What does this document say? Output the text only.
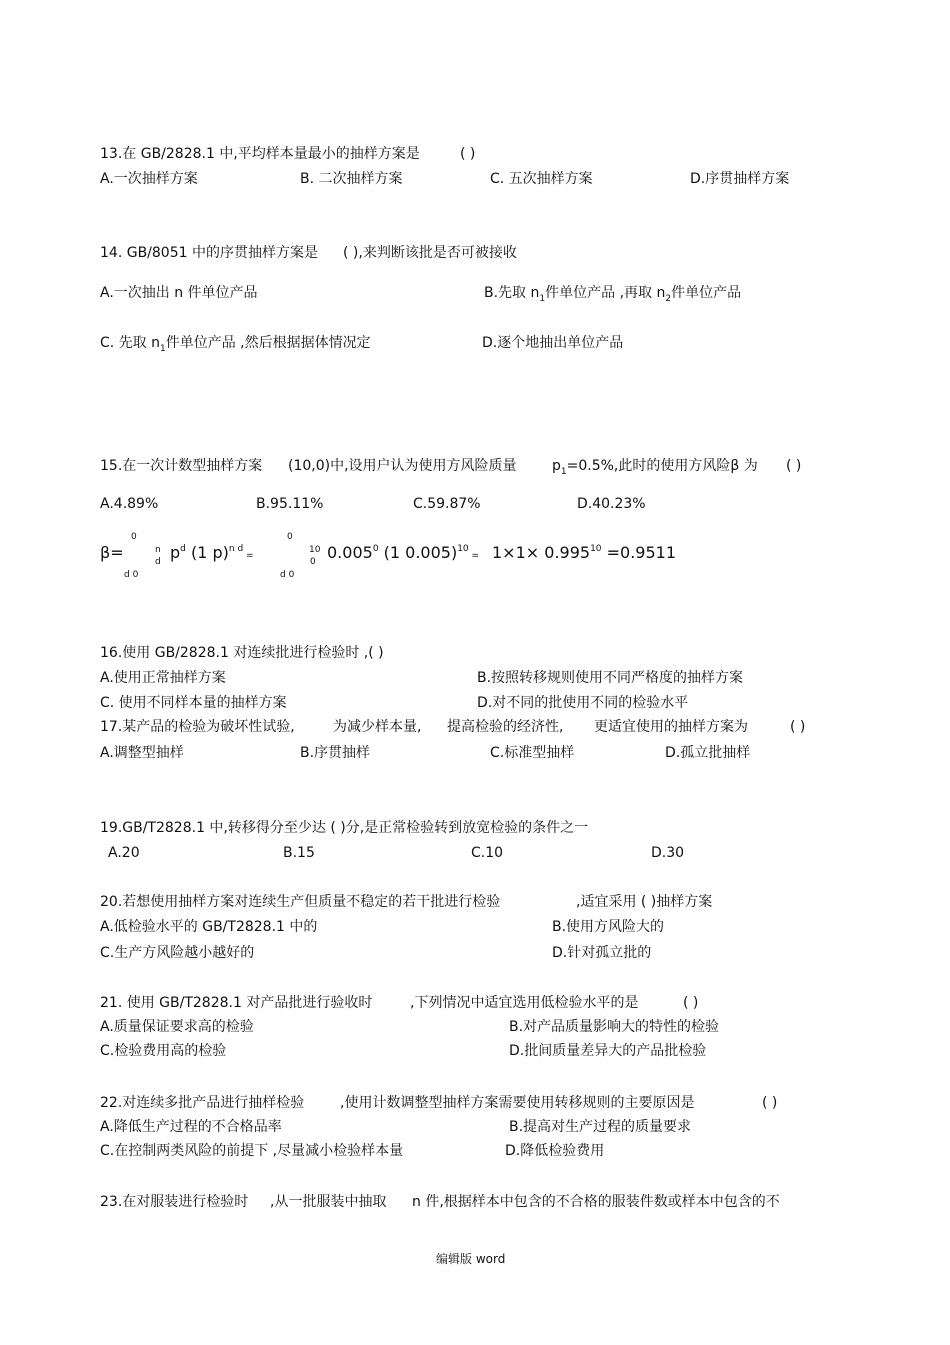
13.在 GB/2828.1 中,平均样本量最小的抽样方案是	( )
A.一次抽样方案	B. 二次抽样方案	C. 五次抽样方案	D.序贯抽样方案
14. GB/8051 中的序贯抽样方案是 ( ),来判断该批是否可被接收
A.一次抽出 n 件单位产品	B.先取 $n_1$件单位产品 ,再取 $n_2$件单位产品
C. 先取 $n_1$件单位产品 ,然后根据据体情况定	D.逐个地抽出单位产品
15.在一次计数型抽样方案 (10,0)中,设用户认为使用方风险质量	$p_1=0.5\%$,此时的使用方风险β 为 ( )
A.4.89%	B.95.11%	C.59.87%	D.40.23%
β=
0
d 0
n
d $p^d$ (1 p)$^{n d}$ =
0
d 0
10
0 0.005$^0$ (1 $0.005)^{10} = 1\times 1\times 0.995^{10} =0.9511$
16.使用 GB/2828.1 对连续批进行检验时 ,( )
A.使用正常抽样方案	B.按照转移规则使用不同严格度的抽样方案
C. 使用不同样本量的抽样方案	D.对不同的批使用不同的检验水平
17.某产品的检验为破坏性试验,	为减少样本量, 提高检验的经济性, 更适宜使用的抽样方案为	( )
A.调整型抽样	B.序贯抽样	C.标准型抽样	D.孤立批抽样
19.GB/T2828.1 中,转移得分至少达 ( )分,是正常检验转到放宽检验的条件之一
A.20	B.15	C.10	D.30
20.若想使用抽样方案对连续生产但质量不稳定的若干批进行检验	,适宜采用 ( )抽样方案
A.低检验水平的 GB/T2828.1 中的	B.使用方风险大的
C.生产方风险越小越好的	D.针对孤立批的
21. 使用 GB/T2828.1 对产品批进行验收时	,下列情况中适宜选用低检验水平的是	( )
A.质量保证要求高的检验	B.对产品质量影响大的特性的检验
C.检验费用高的检验	D.批间质量差异大的产品批检验
22.对连续多批产品进行抽样检验	,使用计数调整型抽样方案需要使用转移规则的主要原因是	( )
A.降低生产过程的不合格品率	B.提高对生产过程的质量要求
C.在控制两类风险的前提下 ,尽量减小检验样本量	D.降低检验费用
23.在对服装进行检验时 ,从一批服装中抽取 n 件,根据样本中包含的不合格的服装件数或样本中包含的不
编辑版 word
